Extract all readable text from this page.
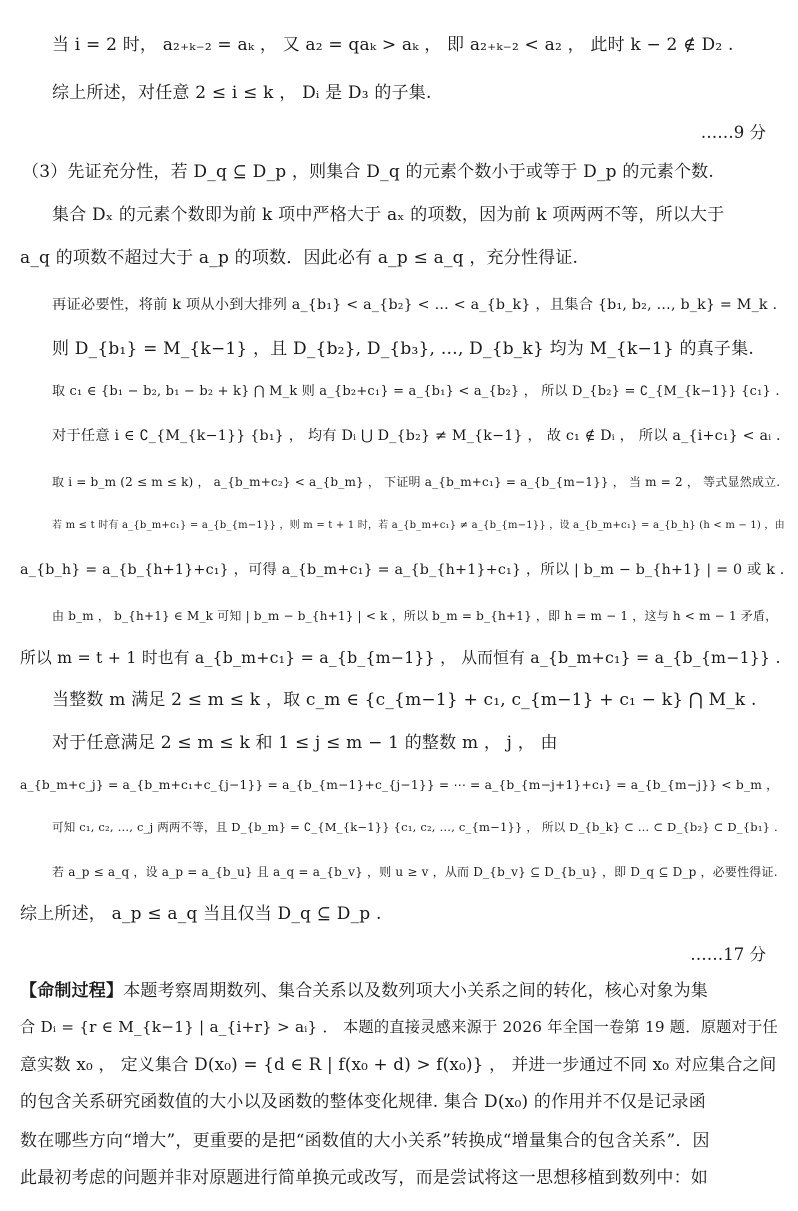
当 i = 2 时， a₂₊ₖ₋₂ = aₖ ， 又 a₂ = qaₖ > aₖ ， 即 a₂₊ₖ₋₂ < a₂ ， 此时 k − 2 ∉ D₂ .
综上所述，对任意 2 ≤ i ≤ k ， Dᵢ 是 D₃ 的子集.
……9 分
（3）先证充分性，若 D_q ⊆ D_p ，则集合 D_q 的元素个数小于或等于 D_p 的元素个数.
集合 Dₓ 的元素个数即为前 k 项中严格大于 aₓ 的项数，因为前 k 项两两不等，所以大于
a_q 的项数不超过大于 a_p 的项数．因此必有 a_p ≤ a_q ，充分性得证.
再证必要性，将前 k 项从小到大排列 a_{b₁} < a_{b₂} < … < a_{b_k} ，且集合 {b₁, b₂, …, b_k} = M_k .
则 D_{b₁} = M_{k−1} ，且 D_{b₂}, D_{b₃}, …, D_{b_k} 均为 M_{k−1} 的真子集.
取 c₁ ∈ {b₁ − b₂, b₁ − b₂ + k} ⋂ M_k 则 a_{b₂+c₁} = a_{b₁} < a_{b₂} ， 所以 D_{b₂} = ∁_{M_{k−1}} {c₁} .
对于任意 i ∈ ∁_{M_{k−1}} {b₁} ， 均有 Dᵢ ⋃ D_{b₂} ≠ M_{k−1} ， 故 c₁ ∉ Dᵢ ， 所以 a_{i+c₁} < aᵢ .
取 i = b_m (2 ≤ m ≤ k) ， a_{b_m+c₂} < a_{b_m} ， 下证明 a_{b_m+c₁} = a_{b_{m−1}} ， 当 m = 2 ， 等式显然成立.
若 m ≤ t 时有 a_{b_m+c₁} = a_{b_{m−1}} ，则 m = t + 1 时，若 a_{b_m+c₁} ≠ a_{b_{m−1}} ，设 a_{b_m+c₁} = a_{b_h} (h < m − 1) ，由
a_{b_h} = a_{b_{h+1}+c₁} ，可得 a_{b_m+c₁} = a_{b_{h+1}+c₁} ，所以 | b_m − b_{h+1} | = 0 或 k .
由 b_m ， b_{h+1} ∈ M_k 可知 | b_m − b_{h+1} | < k ，所以 b_m = b_{h+1} ，即 h = m − 1 ，这与 h < m − 1 矛盾，
所以 m = t + 1 时也有 a_{b_m+c₁} = a_{b_{m−1}} ， 从而恒有 a_{b_m+c₁} = a_{b_{m−1}} .
当整数 m 满足 2 ≤ m ≤ k ，取 c_m ∈ {c_{m−1} + c₁, c_{m−1} + c₁ − k} ⋂ M_k .
对于任意满足 2 ≤ m ≤ k 和 1 ≤ j ≤ m − 1 的整数 m ， j ， 由
a_{b_m+c_j} = a_{b_m+c₁+c_{j−1}} = a_{b_{m−1}+c_{j−1}} = ⋯ = a_{b_{m−j+1}+c₁} = a_{b_{m−j}} < b_m ，
可知 c₁, c₂, …, c_j 两两不等，且 D_{b_m} = ∁_{M_{k−1}} {c₁, c₂, …, c_{m−1}} ， 所以 D_{b_k} ⊂ … ⊂ D_{b₂} ⊂ D_{b₁} .
若 a_p ≤ a_q ，设 a_p = a_{b_u} 且 a_q = a_{b_v} ，则 u ≥ v ，从而 D_{b_v} ⊆ D_{b_u} ，即 D_q ⊆ D_p ，必要性得证.
综上所述， a_p ≤ a_q 当且仅当 D_q ⊆ D_p .
……17 分
【命制过程】本题考察周期数列、集合关系以及数列项大小关系之间的转化，核心对象为集
合 Dᵢ = {r ∈ M_{k−1} | a_{i+r} > aᵢ} ． 本题的直接灵感来源于 2026 年全国一卷第 19 题．原题对于任
意实数 x₀ ， 定义集合 D(x₀) = {d ∈ R | f(x₀ + d) > f(x₀)} ， 并进一步通过不同 x₀ 对应集合之间
的包含关系研究函数值的大小以及函数的整体变化规律. 集合 D(x₀) 的作用并不仅是记录函
数在哪些方向“增大”，更重要的是把“函数值的大小关系”转换成“增量集合的包含关系”．因
此最初考虑的问题并非对原题进行简单换元或改写，而是尝试将这一思想移植到数列中：如
